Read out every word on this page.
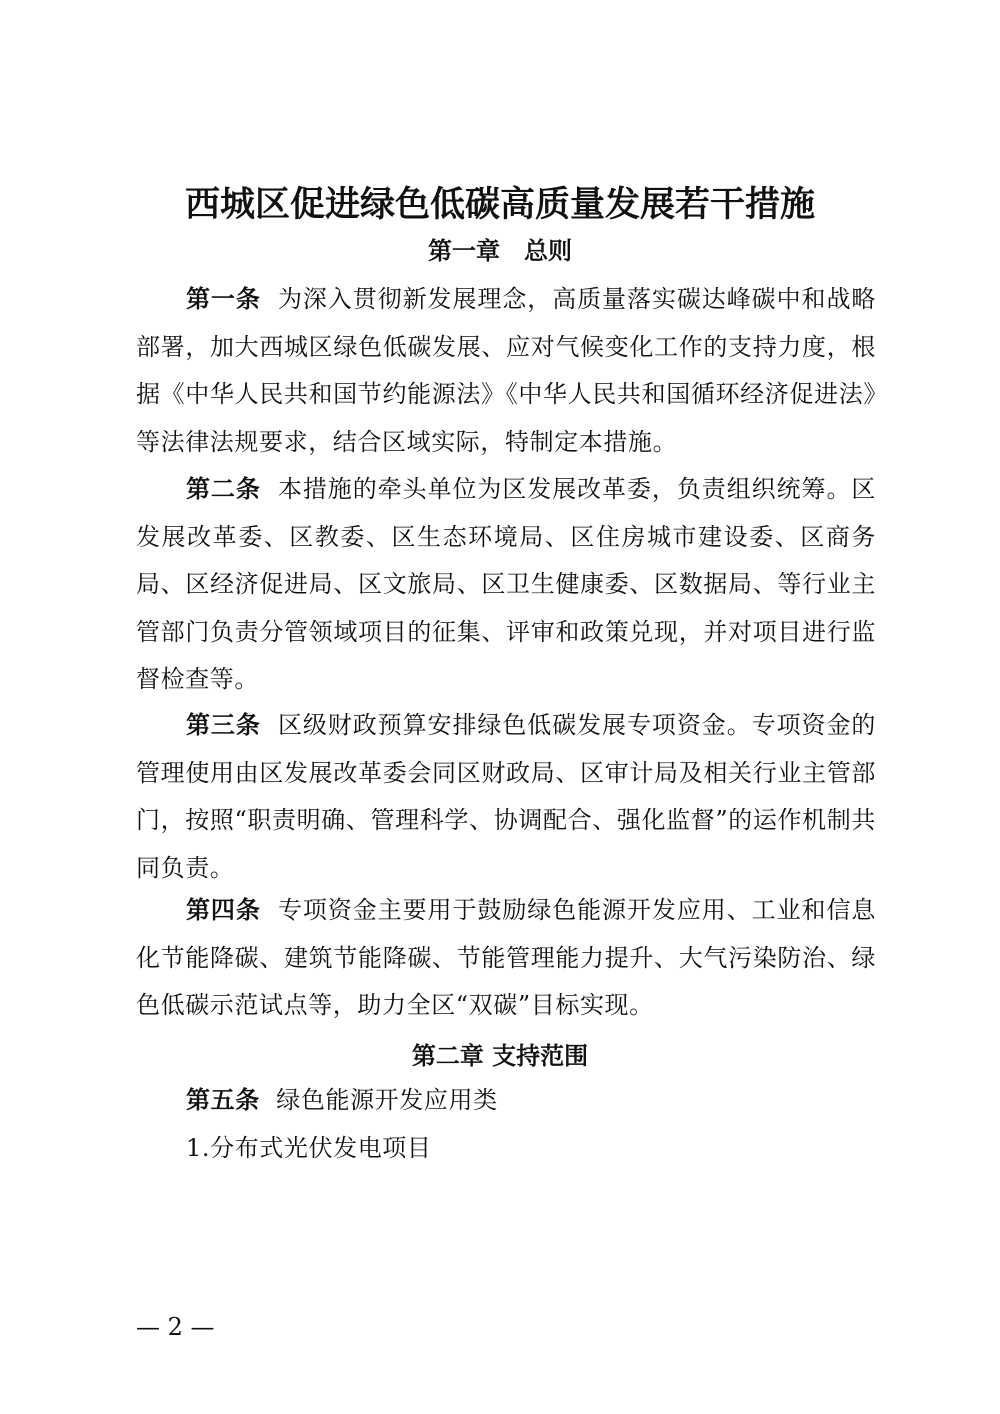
西城区促进绿色低碳高质量发展若干措施
第一章　总则
第一条 为深入贯彻新发展理念，高质量落实碳达峰碳中和战略部署，加大西城区绿色低碳发展、应对气候变化工作的支持力度，根据《中华人民共和国节约能源法》《中华人民共和国循环经济促进法》等法律法规要求，结合区域实际，特制定本措施。
第二条 本措施的牵头单位为区发展改革委，负责组织统筹。区发展改革委、区教委、区生态环境局、区住房城市建设委、区商务局、区经济促进局、区文旅局、区卫生健康委、区数据局、等行业主管部门负责分管领域项目的征集、评审和政策兑现，并对项目进行监督检查等。
第三条 区级财政预算安排绿色低碳发展专项资金。专项资金的管理使用由区发展改革委会同区财政局、区审计局及相关行业主管部门，按照“职责明确、管理科学、协调配合、强化监督”的运作机制共同负责。
第四条 专项资金主要用于鼓励绿色能源开发应用、工业和信息化节能降碳、建筑节能降碳、节能管理能力提升、大气污染防治、绿色低碳示范试点等，助力全区“双碳”目标实现。
第二章 支持范围
第五条 绿色能源开发应用类
1.分布式光伏发电项目
— 2 —
